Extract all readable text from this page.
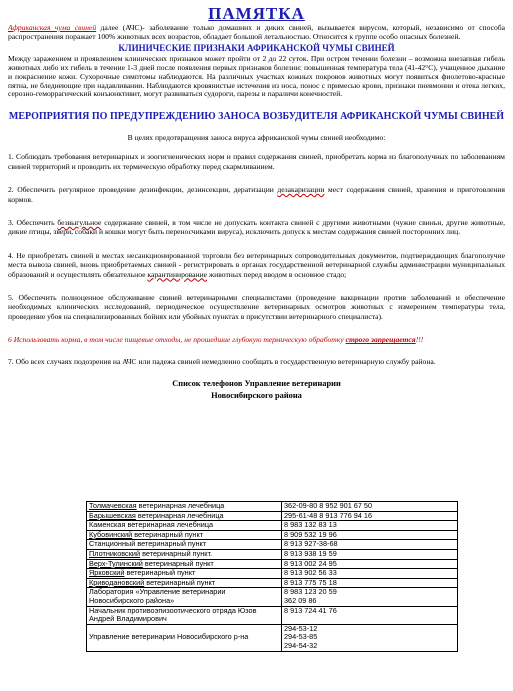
ПАМЯТКА

Африканская чума свиней далее (АЧС)- заболевание только домашних и диких свиней, вызывается вирусом, который, независимо от способа распространения поражает 100% животных всех возрастов, обладает большой летальностью. Относится к группе особо опасных болезней.

КЛИНИЧЕСКИЕ ПРИЗНАКИ АФРИКАНСКОЙ ЧУМЫ СВИНЕЙ

Между заражением и проявлением клинических признаков может пройти от 2 до 22 суток. При остром течении болезни – возможна внезапная гибель животных либо их гибель в течение 1-3 дней после появления первых признаков болезни: повышенная температура тела (41-42°С), учащенное дыхание и покраснение кожи. Сухорочные симптомы наблюдаются. На различных участках кожных покровов животных могут появиться фиолетово-красные пятна, не бледнеющие при надавливании. Наблюдаются кровянистые истечения из носа, понос с примесью крови, признаки пневмонии и отека легких, серозно-геморрагический конъюнктивит, могут развиваться судороги, парезы и параличи конечностей.

МЕРОПРИЯТИЯ ПО ПРЕДУПРЕЖДЕНИЮ ЗАНОСА ВОЗБУДИТЕЛЯ АФРИКАНСКОЙ ЧУМЫ СВИНЕЙ
В целях предотвращения заноса вируса африканской чумы свиней необходимо:

1. Соблюдать требования ветеринарных и зоогигиенических норм и правил содержания свиней, приобретать корма из благополучных по заболеваниям свиней территорий и проводить их термическую обработку перед скармливанием.

2. Обеспечить регулярное проведение дезинфекции, дезинсекции, дератизации дезакаризации мест содержания свиней, хранения и приготовления кормов.

3. Обеспечить безвыгульное содержание свиней, в том числе не допускать контакта свиней с другими животными (чужие свиньи, другие животные, дикие птицы, звери, собаки и кошки могут быть переносчиками вируса), исключить допуск к местам содержания свиней посторонних лиц.

4. Не приобретать свиней в местах несанкционированной торговли без ветеринарных сопроводительных документов, подтверждающих благополучие места вывоза свиней, вновь приобретаемых свиней - регистрировать в органах государственной ветеринарной службы администрации муниципальных образований и осуществлять обязательное карантинирование животных перед вводом в основное стадо;

5. Обеспечить полноценное обслуживание свиней ветеринарными специалистами (проведение вакцинации против заболеваний и обеспечение необходимых клинических исследований, периодическое осуществление ветеринарных осмотров животных с измерением температуры тела, проведение убоя на специализированных бойнях или убойных пунктах в присутствии ветеринарного специалиста).

6 Использовать корма, в том числе пищевые отходы, не прошедшие глубокую термическую обработку строго запрещается!!!

7. Обо всех случаях подозрения на АЧС или падежа свиней немедленно сообщать в государственную ветеринарную службу района.

Список телефонов Управление ветеринарии
Новосибирского района
Толмачевская ветеринарная лечебница	362-09-80 8 952 901 67 50
Барышевская ветеринарная лечебница	295-61-48 8 913 776 94 16
Каменская ветеринарная лечебница	8 983 132 83 13
Кубовинский ветеринарный пункт	8 909 532 19 96
Станционный ветеринарный пункт	8 913 927-38-68
Плотниковский ветеринарный пункт.	8 913 938 19 59
Верх-Тулинский ветеринарный пункт	8 913 002 24 95
Ярковский ветеринарный пункт	8 913 902 56 33
Криводановский ветеринарный пункт	8 913 775 75 18
Лаборатория «Управление ветеринарии Новосибирского района»	8 983 123 20 59
362 09 86
Начальник противоэпизоотического отряда Юзов Андрей Владимирович	8 913 724 41 76
Управление ветеринарии Новосибирского р-на	294-53-12
294-53-85
294-54-32
